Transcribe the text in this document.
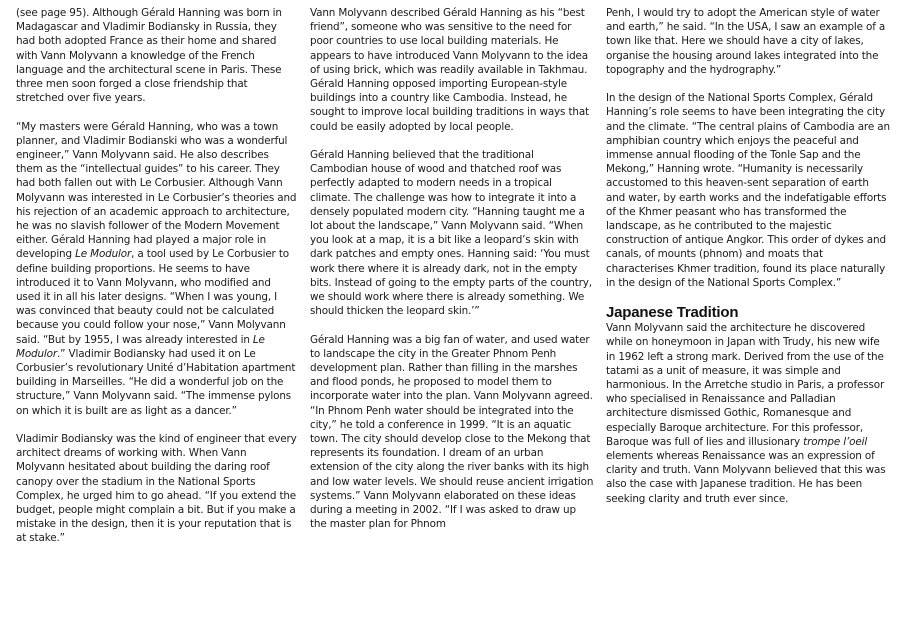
(see page 95). Although Gérald Hanning was born in Madagascar and Vladimir Bodiansky in Russia, they had both adopted France as their home and shared with Vann Molyvann a knowledge of the French language and the architectural scene in Paris. These three men soon forged a close friendship that stretched over five years.

“My masters were Gérald Hanning, who was a town planner, and Vladimir Bodianski who was a wonderful engineer,” Vann Molyvann said. He also describes them as the “intellectual guides” to his career. They had both fallen out with Le Corbusier. Although Vann Molyvann was interested in Le Corbusier’s theories and his rejection of an academic approach to architecture, he was no slavish follower of the Modern Movement either. Gérald Hanning had played a major role in developing Le Modulor, a tool used by Le Corbusier to define building proportions. He seems to have introduced it to Vann Molyvann, who modified and used it in all his later designs. “When I was young, I was convinced that beauty could not be calculated because you could follow your nose,” Vann Molyvann said. “But by 1955, I was already interested in Le Modulor.” Vladimir Bodiansky had used it on Le Corbusier’s revolutionary Unité d’Habitation apartment building in Marseilles. “He did a wonderful job on the structure,” Vann Molyvann said. “The immense pylons on which it is built are as light as a dancer.”

Vladimir Bodiansky was the kind of engineer that every architect dreams of working with. When Vann Molyvann hesitated about building the daring roof canopy over the stadium in the National Sports Complex, he urged him to go ahead. “If you extend the budget, people might complain a bit. But if you make a mistake in the design, then it is your reputation that is at stake.”

Vann Molyvann described Gérald Hanning as his “best friend”, someone who was sensitive to the need for poor countries to use local building materials. He appears to have introduced Vann Molyvann to the idea of using brick, which was readily available in Takhmau. Gérald Hanning opposed importing European-style buildings into a country like Cambodia. Instead, he sought to improve local building traditions in ways that could be easily adopted by local people.

Gérald Hanning believed that the traditional Cambodian house of wood and thatched roof was perfectly adapted to modern needs in a tropical climate. The challenge was how to integrate it into a densely populated modern city. “Hanning taught me a lot about the landscape,” Vann Molyvann said. “When you look at a map, it is a bit like a leopard’s skin with dark patches and empty ones. Hanning said: ‘You must work there where it is already dark, not in the empty bits. Instead of going to the empty parts of the country, we should work where there is already something. We should thicken the leopard skin.’”

Gérald Hanning was a big fan of water, and used water to landscape the city in the Greater Phnom Penh development plan. Rather than filling in the marshes and flood ponds, he proposed to model them to incorporate water into the plan. Vann Molyvann agreed. “In Phnom Penh water should be integrated into the city,” he told a conference in 1999. “It is an aquatic town. The city should develop close to the Mekong that represents its foundation. I dream of an urban extension of the city along the river banks with its high and low water levels. We should reuse ancient irrigation systems.” Vann Molyvann elaborated on these ideas during a meeting in 2002. “If I was asked to draw up the master plan for Phnom

Penh, I would try to adopt the American style of water and earth,” he said. “In the USA, I saw an example of a town like that. Here we should have a city of lakes, organise the housing around lakes integrated into the topography and the hydrography.”

In the design of the National Sports Complex, Gérald Hanning’s role seems to have been integrating the city and the climate. “The central plains of Cambodia are an amphibian country which enjoys the peaceful and immense annual flooding of the Tonle Sap and the Mekong,” Hanning wrote. “Humanity is necessarily accustomed to this heaven-sent separation of earth and water, by earth works and the indefatigable efforts of the Khmer peasant who has transformed the landscape, as he contributed to the majestic construction of antique Angkor. This order of dykes and canals, of mounts (phnom) and moats that characterises Khmer tradition, found its place naturally in the design of the National Sports Complex.”

Japanese Tradition

Vann Molyvann said the architecture he discovered while on honeymoon in Japan with Trudy, his new wife in 1962 left a strong mark. Derived from the use of the tatami as a unit of measure, it was simple and harmonious. In the Arretche studio in Paris, a professor who specialised in Renaissance and Palladian architecture dismissed Gothic, Romanesque and especially Baroque architecture. For this professor, Baroque was full of lies and illusionary trompe l’oeil elements whereas Renaissance was an expression of clarity and truth. Vann Molyvann believed that this was also the case with Japanese tradition. He has been seeking clarity and truth ever since.
